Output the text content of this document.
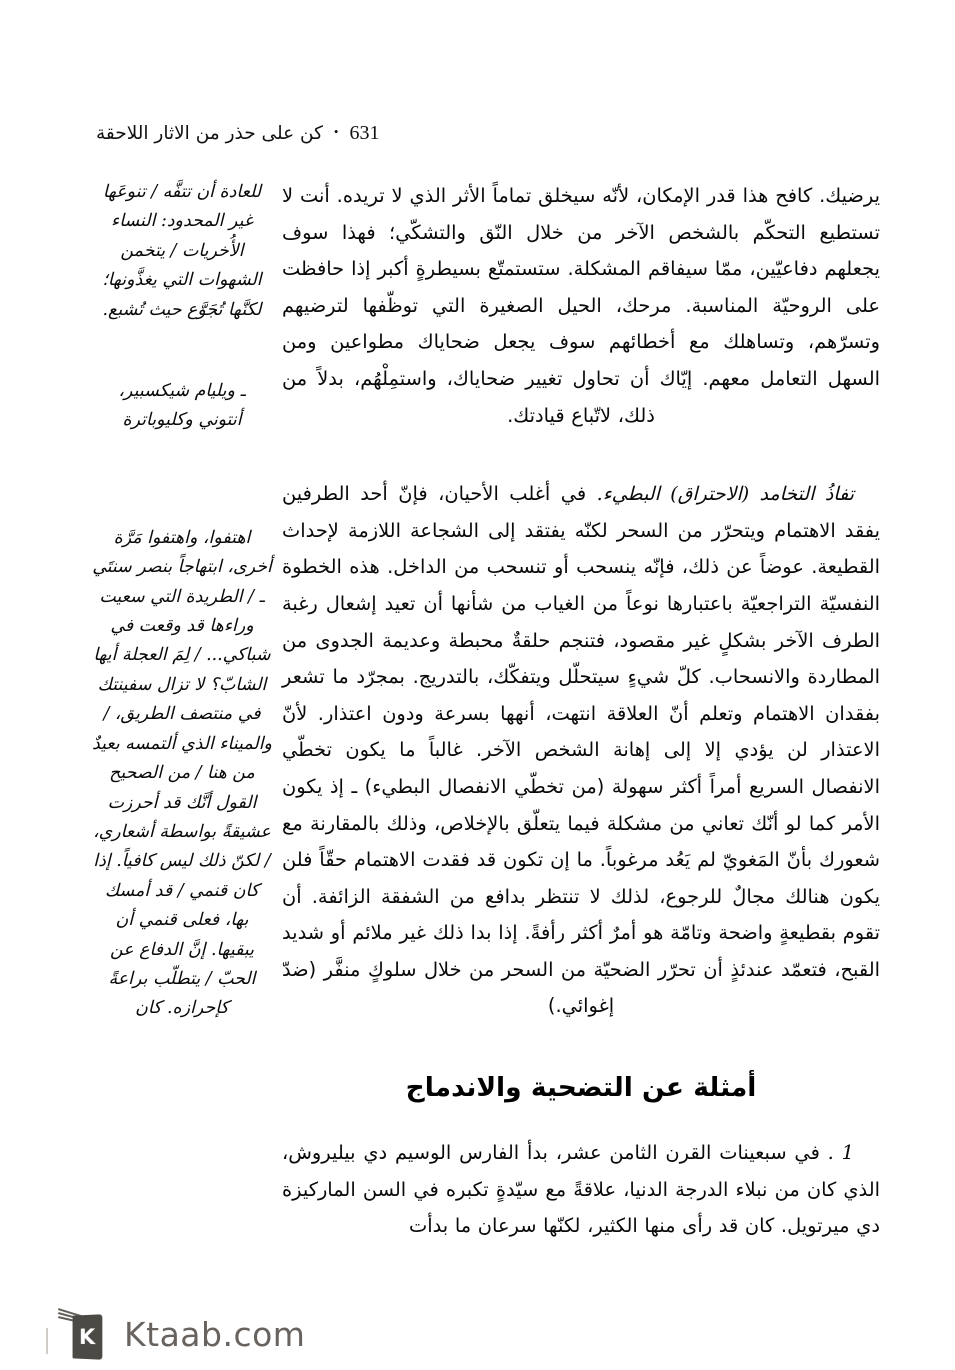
كن على حذر من الاثار اللاحقة • 631

يرضيك. كافح هذا قدر الإمكان، لأنّه سيخلق تماماً الأثر الذي لا تريده. أنت لا تستطيع التحكّم بالشخص الآخر من خلال النّق والتشكّي؛ فهذا سوف يجعلهم دفاعيّين، ممّا سيفاقم المشكلة. ستستمتّع بسيطرةٍ أكبر إذا حافظت على الروحيّة المناسبة. مرحك، الحيل الصغيرة التي توظّفها لترضيهم وتسرّهم، وتساهلك مع أخطائهم سوف يجعل ضحاياك مطواعين ومن السهل التعامل معهم. إيّاك أن تحاول تغيير ضحاياك، واستمِلْهُم، بدلاً من ذلك، لاتّباع قيادتك.

تفاذُ التخامد (الاحتراق) البطيء. في أغلب الأحيان، فإنّ أحد الطرفين يفقد الاهتمام ويتحرّر من السحر لكنّه يفتقد إلى الشجاعة اللازمة لإحداث القطيعة. عوضاً عن ذلك، فإنّه ينسحب أو تنسحب من الداخل. هذه الخطوة النفسيّة التراجعيّة باعتبارها نوعاً من الغياب من شأنها أن تعيد إشعال رغبة الطرف الآخر بشكلٍ غير مقصود، فتنجم حلقةٌ محبطة وعديمة الجدوى من المطاردة والانسحاب. كلّ شيءٍ سيتحلّل ويتفكّك، بالتدريج. بمجرّد ما تشعر بفقدان الاهتمام وتعلم أنّ العلاقة انتهت، أنهها بسرعة ودون اعتذار. لأنّ الاعتذار لن يؤدي إلا إلى إهانة الشخص الآخر. غالباً ما يكون تخطّي الانفصال السريع أمراً أكثر سهولة (من تخطّي الانفصال البطيء) ـ إذ يكون الأمر كما لو أنّك تعاني من مشكلة فيما يتعلّق بالإخلاص، وذلك بالمقارنة مع شعورك بأنّ المَغويّ لم يَعُد مرغوباً. ما إن تكون قد فقدت الاهتمام حقّاً فلن يكون هنالك مجالٌ للرجوع، لذلك لا تنتظر بدافع من الشفقة الزائفة. أن تقوم بقطيعةٍ واضحة وتامّة هو أمرٌ أكثر رأفةً. إذا بدا ذلك غير ملائم أو شديد القبح، فتعمّد عندئذٍ أن تحرّر الضحيّة من السحر من خلال سلوكٍ منفَّر (ضدّ إغوائي.)

أمثلة عن التضحية والاندماج

1 . في سبعينات القرن الثامن عشر، بدأ الفارس الوسيم دي بيليروش، الذي كان من نبلاء الدرجة الدنيا، علاقةً مع سيّدةٍ تكبره في السن الماركيزة دي ميرتويل. كان قد رأى منها الكثير، لكنّها سرعان ما بدأت

للعادة أن تتفَّه / تنوعَها غير المحدود: النساء الأُخريات / يتخمن الشهوات التي يغذَّونها؛ لكنَّها تُجَوَّع حيث تُشبع.

ـ ويليام شيكسبير،

أنتوني وكليوباترة

اهتفوا، واهتفوا مَرَّة أخرى، ابتهاجاً بنصر سنتَي ـ / الطريدة التي سعيت وراءها قد وقعت في شباكي... / لِمَ العجلة أيها الشابّ؟ لا تزال سفينتك في منتصف الطريق، / والميناء الذي ألتمسه بعيدٌ من هنا / من الصحيح القول أنَّك قد أحرزت عشيقةً بواسطة أشعاري، / لكنّ ذلك ليس كافياً. إذا كان قنمي / قد أمسك بها، فعلى قنمي أن يبقيها. إنَّ الدفاع عن الحبّ / يتطلّب براعةً كإحرازه. كان

K Ktaab.com
